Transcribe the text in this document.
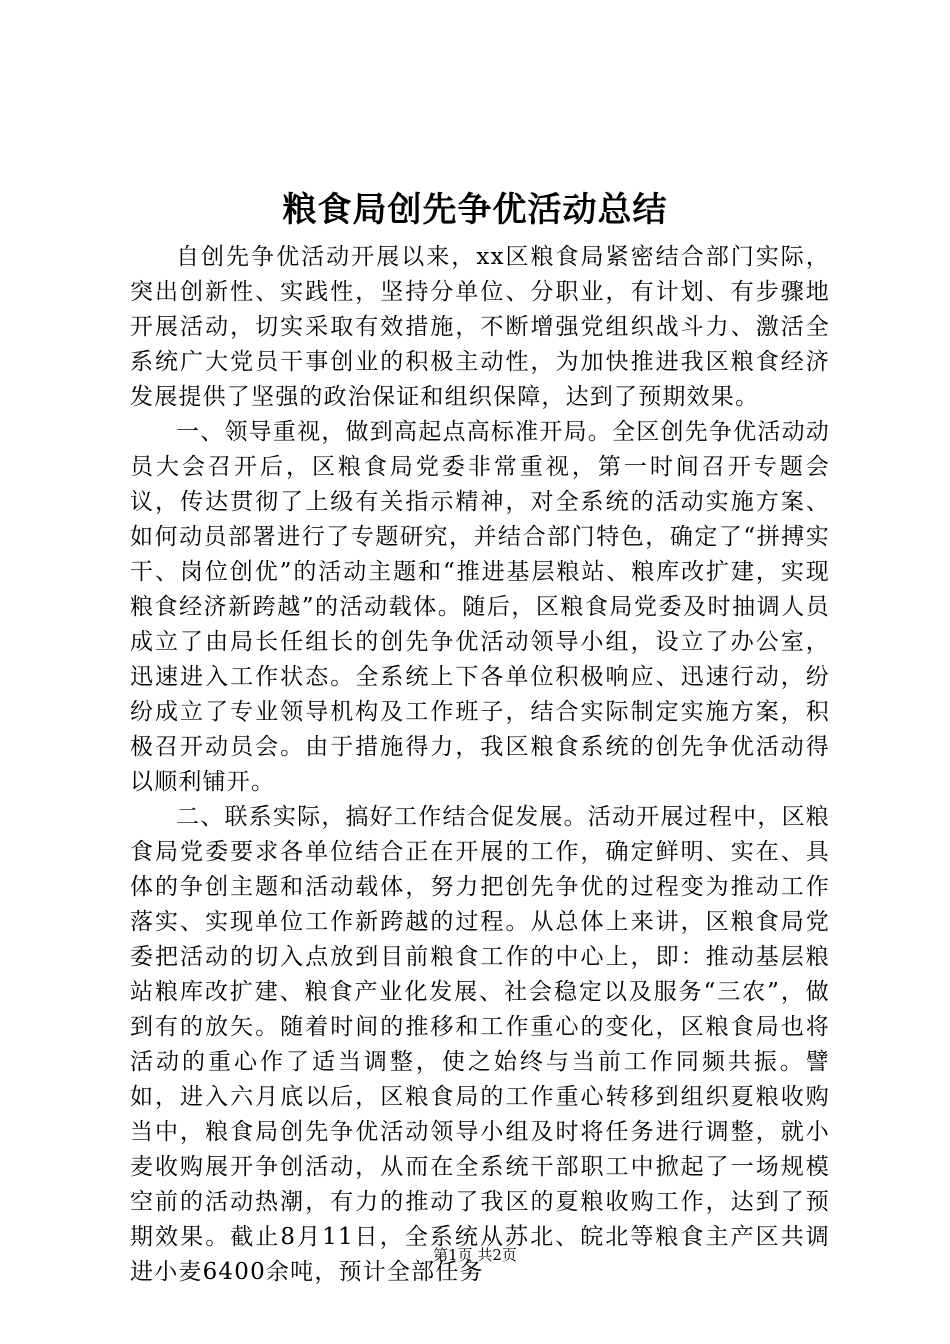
粮食局创先争优活动总结

自创先争优活动开展以来，xx区粮食局紧密结合部门实际，突出创新性、实践性，坚持分单位、分职业，有计划、有步骤地开展活动，切实采取有效措施，不断增强党组织战斗力、激活全系统广大党员干事创业的积极主动性，为加快推进我区粮食经济发展提供了坚强的政治保证和组织保障，达到了预期效果。

一、领导重视，做到高起点高标准开局。全区创先争优活动动员大会召开后，区粮食局党委非常重视，第一时间召开专题会议，传达贯彻了上级有关指示精神，对全系统的活动实施方案、如何动员部署进行了专题研究，并结合部门特色，确定了“拼搏实干、岗位创优”的活动主题和“推进基层粮站、粮库改扩建，实现粮食经济新跨越”的活动载体。随后，区粮食局党委及时抽调人员成立了由局长任组长的创先争优活动领导小组，设立了办公室，迅速进入工作状态。全系统上下各单位积极响应、迅速行动，纷纷成立了专业领导机构及工作班子，结合实际制定实施方案，积极召开动员会。由于措施得力，我区粮食系统的创先争优活动得以顺利铺开。

二、联系实际，搞好工作结合促发展。活动开展过程中，区粮食局党委要求各单位结合正在开展的工作，确定鲜明、实在、具体的争创主题和活动载体，努力把创先争优的过程变为推动工作落实、实现单位工作新跨越的过程。从总体上来讲，区粮食局党委把活动的切入点放到目前粮食工作的中心上，即：推动基层粮站粮库改扩建、粮食产业化发展、社会稳定以及服务“三农”，做到有的放矢。随着时间的推移和工作重心的变化，区粮食局也将活动的重心作了适当调整，使之始终与当前工作同频共振。譬如，进入六月底以后，区粮食局的工作重心转移到组织夏粮收购当中，粮食局创先争优活动领导小组及时将任务进行调整，就小麦收购展开争创活动，从而在全系统干部职工中掀起了一场规模空前的活动热潮，有力的推动了我区的夏粮收购工作，达到了预期效果。截止8月11日，全系统从苏北、皖北等粮食主产区共调进小麦6400余吨，预计全部任务

第1页 共2页
